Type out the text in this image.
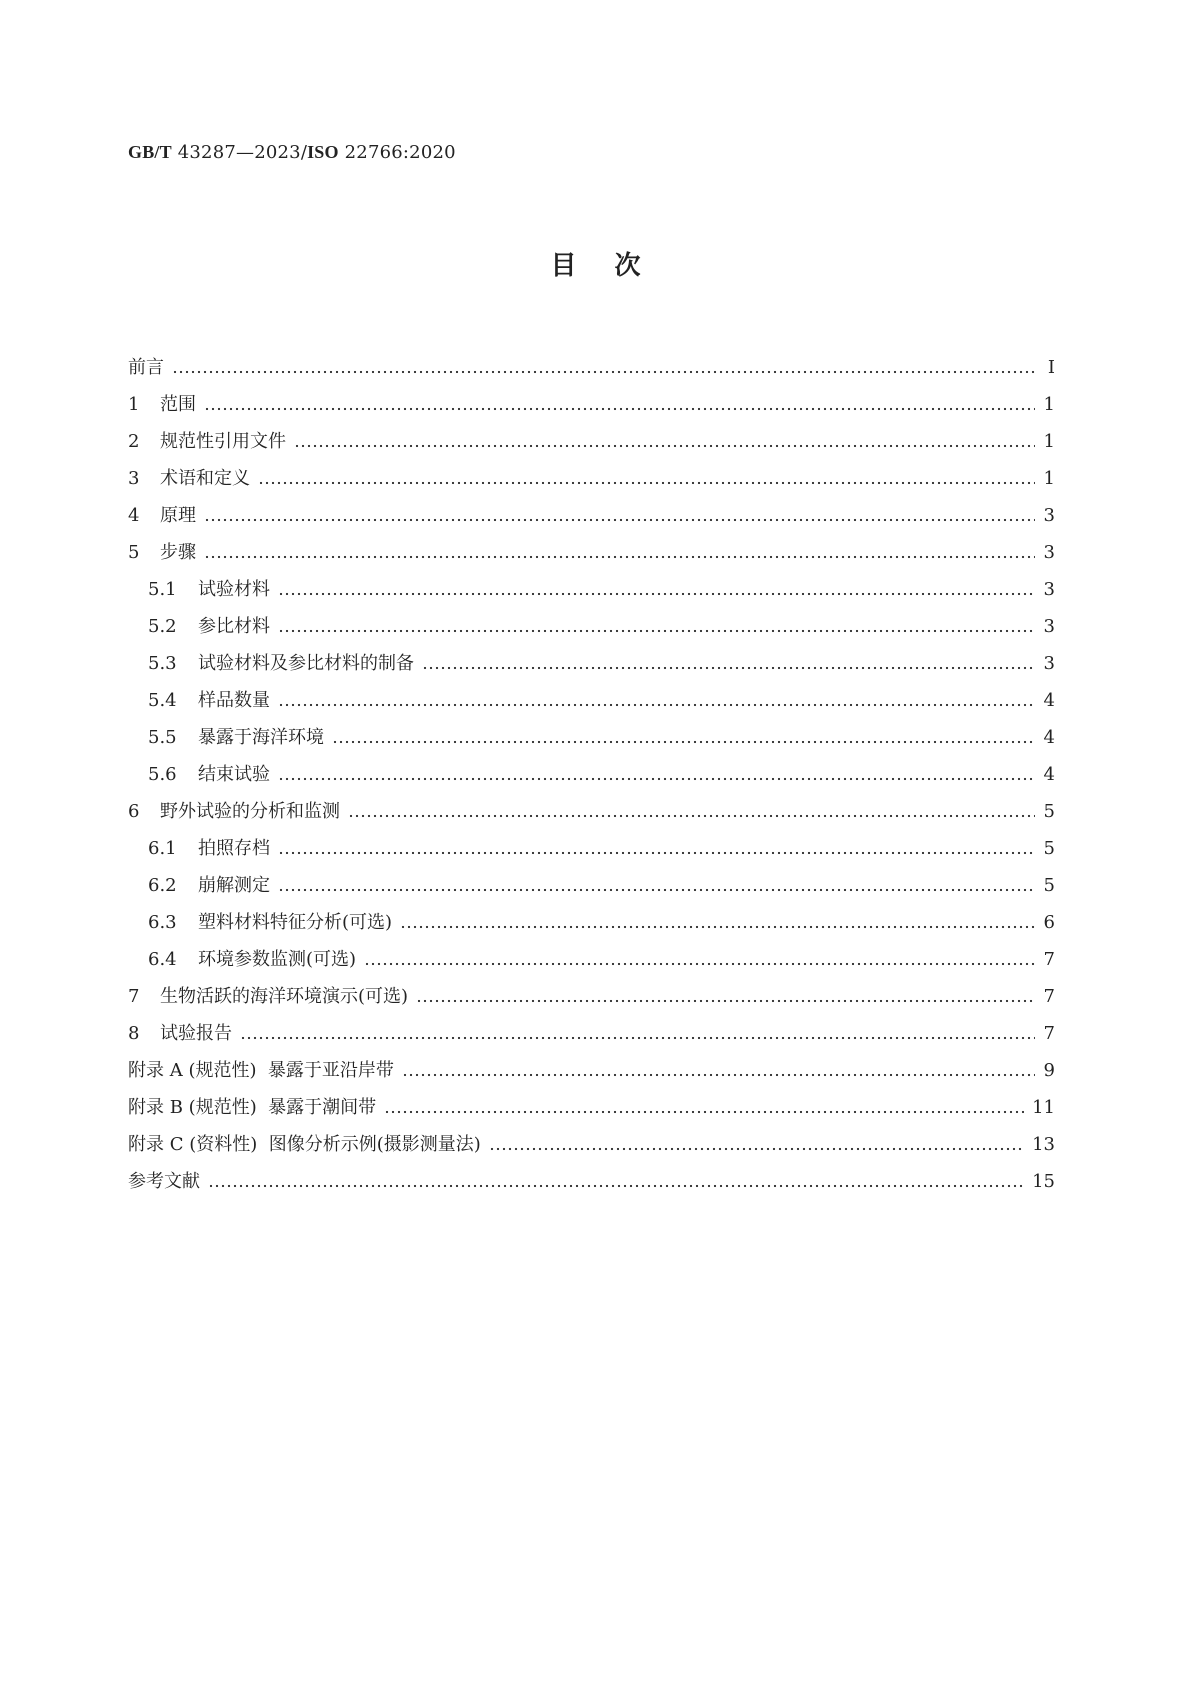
GB/T 43287—2023/ISO 22766:2020
目次
前言	Ⅰ
1	范围	1
2	规范性引用文件	1
3	术语和定义	1
4	原理	3
5	步骤	3
5.1	试验材料	3
5.2	参比材料	3
5.3	试验材料及参比材料的制备	3
5.4	样品数量	4
5.5	暴露于海洋环境	4
5.6	结束试验	4
6	野外试验的分析和监测	5
6.1	拍照存档	5
6.2	崩解测定	5
6.3	塑料材料特征分析(可选)	6
6.4	环境参数监测(可选)	7
7	生物活跃的海洋环境演示(可选)	7
8	试验报告	7
附录 A (规范性)  暴露于亚沿岸带	9
附录 B (规范性)  暴露于潮间带	11
附录 C (资料性)  图像分析示例(摄影测量法)	13
参考文献	15
